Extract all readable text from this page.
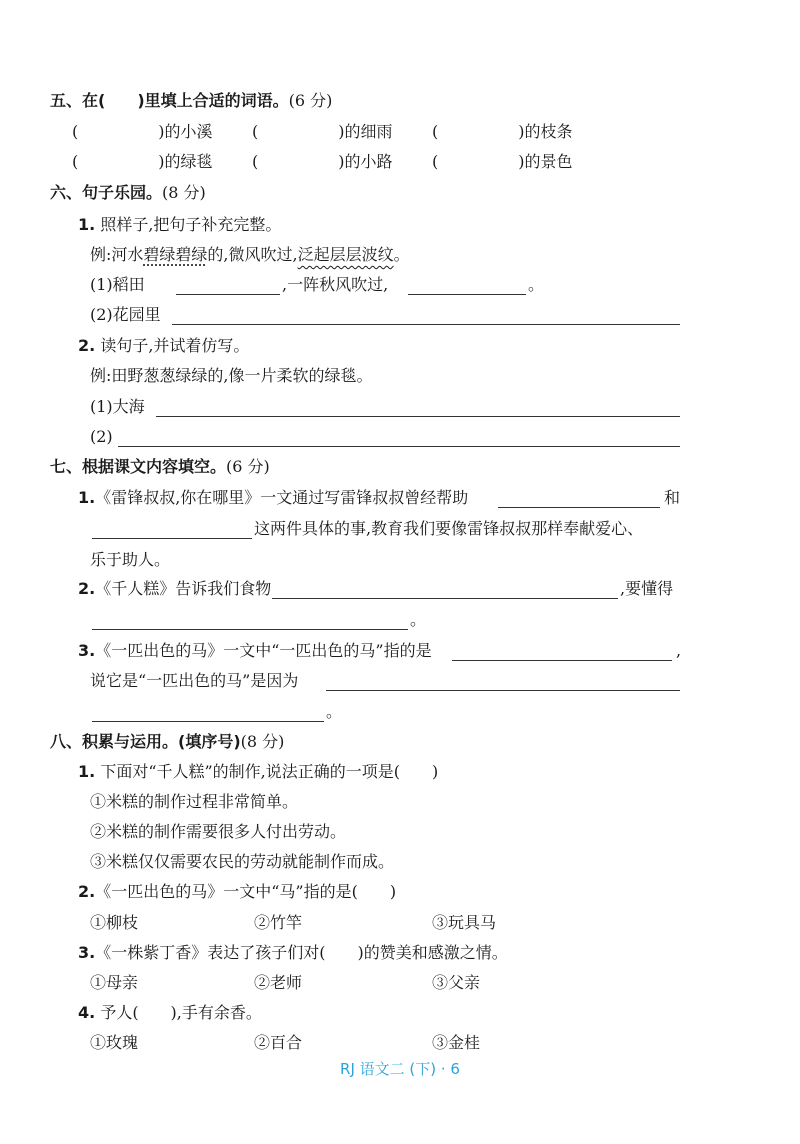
五、在(　　)里填上合适的词语。(6 分)
(　　　　　)的小溪 (　　　　　)的细雨 (　　　　　)的枝条
(　　　　　)的绿毯 (　　　　　)的小路 (　　　　　)的景色
六、句子乐园。(8 分)
1. 照样子,把句子补充完整。
例:河水碧绿碧绿的,微风吹过,泛起层层波纹。
(1)稻田	,一阵秋风吹过,	。
(2)花园里
2. 读句子,并试着仿写。
例:田野葱葱绿绿的,像一片柔软的绿毯。
(1)大海
(2)
七、根据课文内容填空。(6 分)
1.《雷锋叔叔,你在哪里》一文通过写雷锋叔叔曾经帮助	和
这两件具体的事,教育我们要像雷锋叔叔那样奉献爱心、
乐于助人。
2.《千人糕》告诉我们食物	,要懂得
。
3.《一匹出色的马》一文中“一匹出色的马”指的是	,
说它是“一匹出色的马”是因为
。
八、积累与运用。(填序号)(8 分)
1. 下面对“千人糕”的制作,说法正确的一项是(　　)
①米糕的制作过程非常简单。
②米糕的制作需要很多人付出劳动。
③米糕仅仅需要农民的劳动就能制作而成。
2.《一匹出色的马》一文中“马”指的是(　　)
①柳枝	②竹竿	③玩具马
3.《一株紫丁香》表达了孩子们对(　　)的赞美和感激之情。
①母亲	②老师	③父亲
4. 予人(　　),手有余香。
①玫瑰	②百合	③金桂
RJ 语文二 (下) · 6
